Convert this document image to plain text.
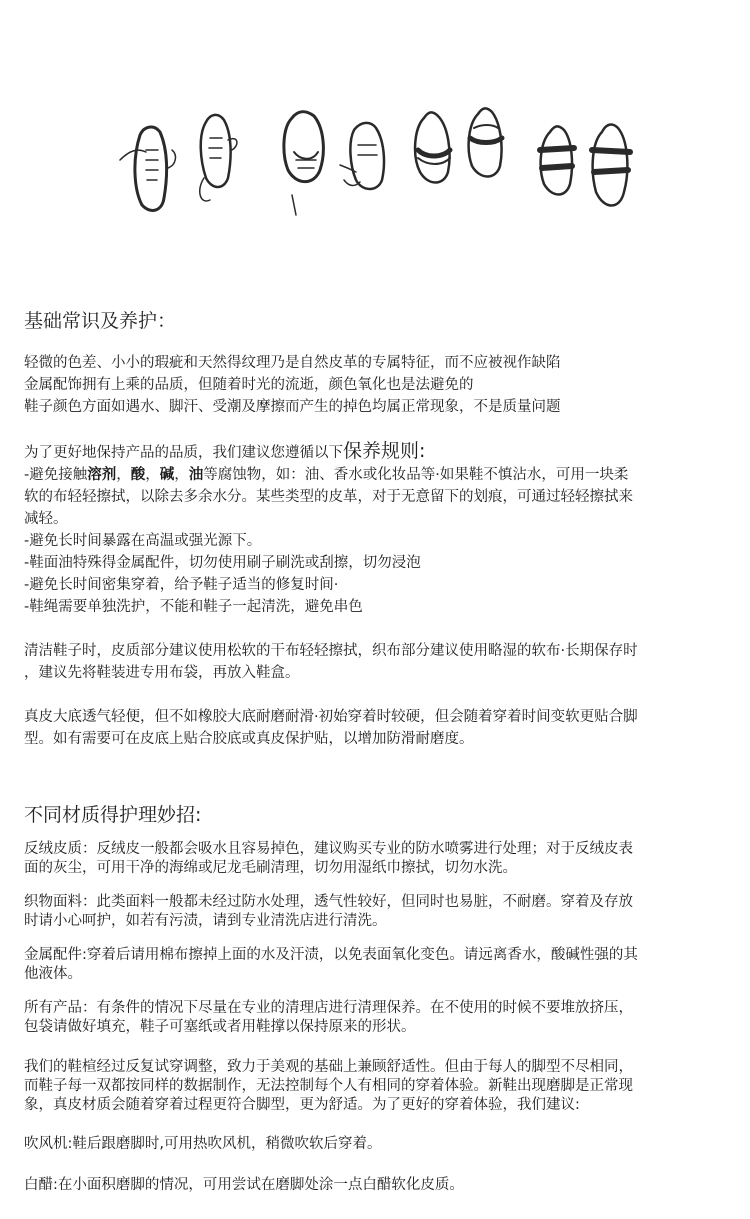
基础常识及养护：
轻微的色差、小小的瑕疵和天然得纹理乃是自然皮革的专属特征，而不应被视作缺陷
金属配饰拥有上乘的品质，但随着时光的流逝，颜色氧化也是法避免的
鞋子颜色方面如遇水、脚汗、受潮及摩擦而产生的掉色均属正常现象，不是质量问题
为了更好地保持产品的品质，我们建议您遵循以下保养规则:
-避免接触溶剂，酸，碱，油等腐蚀物，如：油、香水或化妆品等·如果鞋不慎沾水，可用一块柔
软的布轻轻擦拭，以除去多余水分。某些类型的皮革，对于无意留下的划痕，可通过轻轻擦拭来
减轻。
-避免长时间暴露在高温或强光源下。
-鞋面油特殊得金属配件，切勿使用刷子刷洗或刮擦，切勿浸泡
-避免长时间密集穿着，给予鞋子适当的修复时间·
-鞋绳需要单独洗护，不能和鞋子一起清洗，避免串色
清洁鞋子时，皮质部分建议使用松软的干布轻轻擦拭，织布部分建议使用略湿的软布·长期保存时
，建议先将鞋装进专用布袋，再放入鞋盒。
真皮大底透气轻便，但不如橡胶大底耐磨耐滑·初始穿着时较硬，但会随着穿着时间变软更贴合脚
型。如有需要可在皮底上贴合胶底或真皮保护贴，以增加防滑耐磨度。
不同材质得护理妙招:
反绒皮质：反绒皮一般都会吸水且容易掉色，建议购买专业的防水喷雾进行处理；对于反绒皮表
面的灰尘，可用干净的海绵或尼龙毛刷清理，切勿用湿纸巾擦拭，切勿水洗。
织物面料：此类面料一般都未经过防水处理，透气性较好，但同时也易脏，不耐磨。穿着及存放
时请小心呵护，如若有污渍，请到专业清洗店进行清洗。
金属配件:穿着后请用棉布擦掉上面的水及汗渍，以免表面氧化变色。请远离香水，酸碱性强的其
他液体。
所有产品：有条件的情况下尽量在专业的清理店进行清理保养。在不使用的时候不要堆放挤压，
包袋请做好填充，鞋子可塞纸或者用鞋撑以保持原来的形状。
我们的鞋楦经过反复试穿调整，致力于美观的基础上兼顾舒适性。但由于每人的脚型不尽相同，
而鞋子每一双都按同样的数据制作，无法控制每个人有相同的穿着体验。新鞋出现磨脚是正常现
象，真皮材质会随着穿着过程更符合脚型，更为舒适。为了更好的穿着体验，我们建议:
吹风机:鞋后跟磨脚时,可用热吹风机，稍微吹软后穿着。
白醋:在小面积磨脚的情况，可用尝试在磨脚处涂一点白醋软化皮质。
